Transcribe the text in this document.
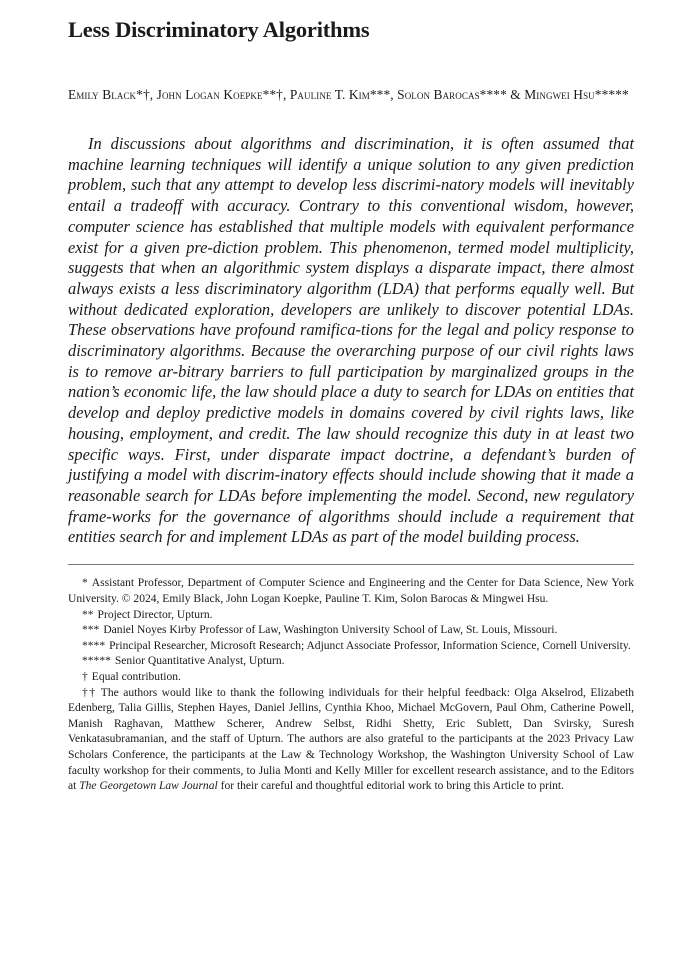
Less Discriminatory Algorithms
Emily Black*†, John Logan Koepke**†, Pauline T. Kim***, Solon Barocas**** & Mingwei Hsu*****

In discussions about algorithms and discrimination, it is often assumed that machine learning techniques will identify a unique solution to any given prediction problem, such that any attempt to develop less discrimi-natory models will inevitably entail a tradeoff with accuracy. Contrary to this conventional wisdom, however, computer science has established that multiple models with equivalent performance exist for a given pre-diction problem. This phenomenon, termed model multiplicity, suggests that when an algorithmic system displays a disparate impact, there almost always exists a less discriminatory algorithm (LDA) that performs equally well. But without dedicated exploration, developers are unlikely to discover potential LDAs. These observations have profound ramifica-tions for the legal and policy response to discriminatory algorithms. Because the overarching purpose of our civil rights laws is to remove ar-bitrary barriers to full participation by marginalized groups in the nation’s economic life, the law should place a duty to search for LDAs on entities that develop and deploy predictive models in domains covered by civil rights laws, like housing, employment, and credit. The law should recognize this duty in at least two specific ways. First, under disparate impact doctrine, a defendant’s burden of justifying a model with discrim-inatory effects should include showing that it made a reasonable search for LDAs before implementing the model. Second, new regulatory frame-works for the governance of algorithms should include a requirement that entities search for and implement LDAs as part of the model building process.

* Assistant Professor, Department of Computer Science and Engineering and the Center for Data Science, New York University. © 2024, Emily Black, John Logan Koepke, Pauline T. Kim, Solon Barocas & Mingwei Hsu.

** Project Director, Upturn.

*** Daniel Noyes Kirby Professor of Law, Washington University School of Law, St. Louis, Missouri.

**** Principal Researcher, Microsoft Research; Adjunct Associate Professor, Information Science, Cornell University.

***** Senior Quantitative Analyst, Upturn.

† Equal contribution.

†† The authors would like to thank the following individuals for their helpful feedback: Olga Akselrod, Elizabeth Edenberg, Talia Gillis, Stephen Hayes, Daniel Jellins, Cynthia Khoo, Michael McGovern, Paul Ohm, Catherine Powell, Manish Raghavan, Matthew Scherer, Andrew Selbst, Ridhi Shetty, Eric Sublett, Dan Svirsky, Suresh Venkatasubramanian, and the staff of Upturn. The authors are also grateful to the participants at the 2023 Privacy Law Scholars Conference, the participants at the Law & Technology Workshop, the Washington University School of Law faculty workshop for their comments, to Julia Monti and Kelly Miller for excellent research assistance, and to the Editors at The Georgetown Law Journal for their careful and thoughtful editorial work to bring this Article to print.
